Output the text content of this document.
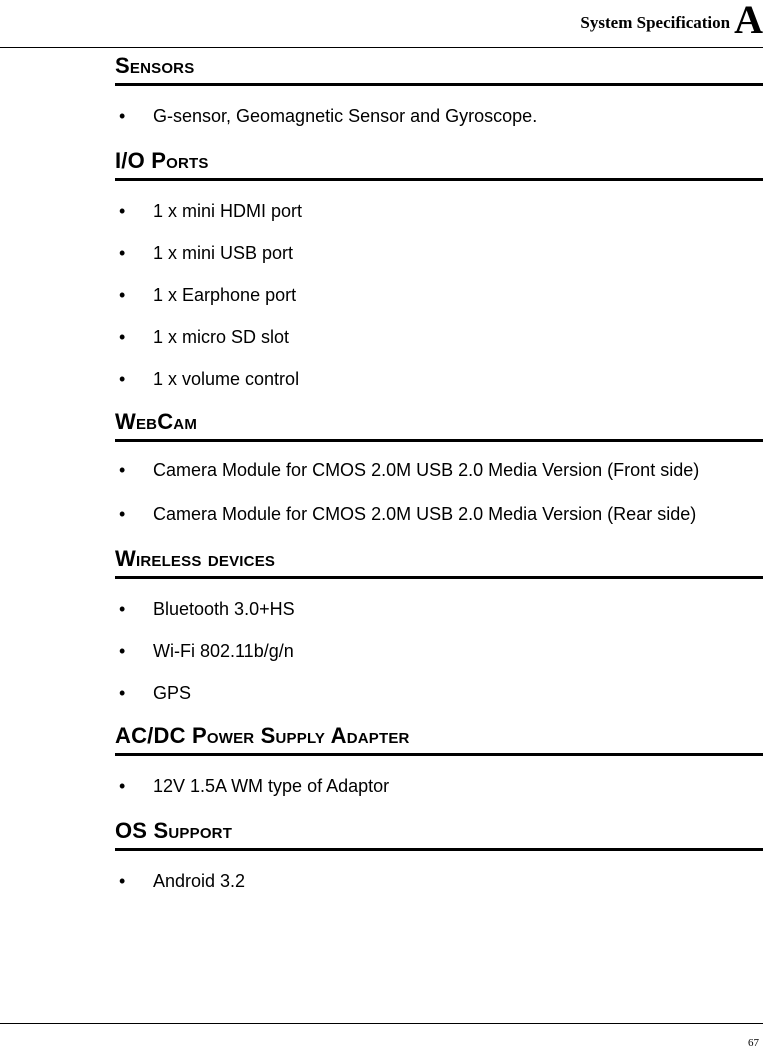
System Specification A
Sensors
•	G-sensor, Geomagnetic Sensor and Gyroscope.
I/O Ports
•	1 x mini HDMI port
•	1 x mini USB port
•	1 x Earphone port
•	1 x micro SD slot
•	1 x volume control
WebCam
•	Camera Module for CMOS 2.0M USB 2.0 Media Version (Front side)
•	Camera Module for CMOS 2.0M USB 2.0 Media Version (Rear side)
Wireless devices
•	Bluetooth 3.0+HS
•	Wi-Fi 802.11b/g/n
•	GPS
AC/DC Power Supply Adapter
•	12V 1.5A WM type of Adaptor
OS Support
•	Android 3.2
67
